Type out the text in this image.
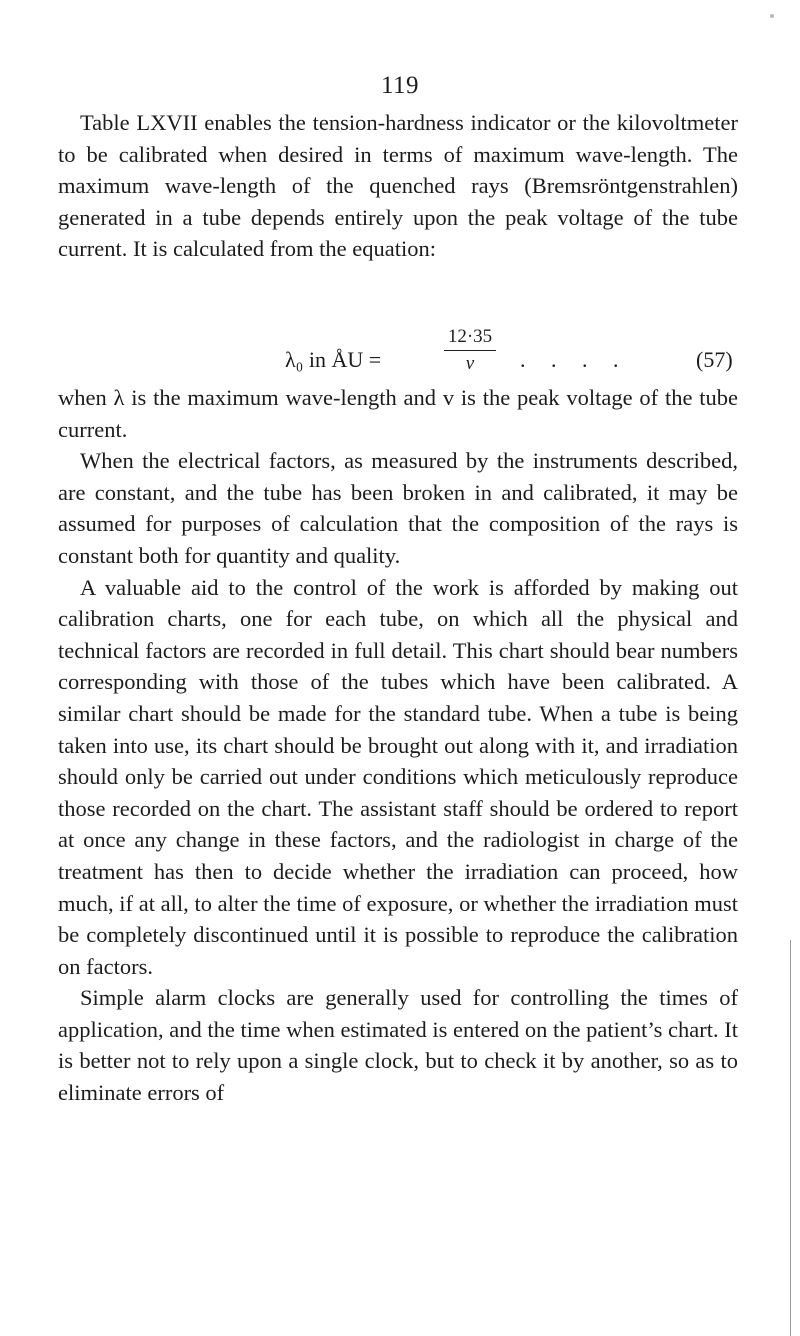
119

Table LXVII enables the tension-hardness indicator or the kilovoltmeter to be calibrated when desired in terms of maximum wave-length. The maximum wave-length of the quenched rays (Bremsröntgenstrahlen) generated in a tube depends entirely upon the peak voltage of the tube current. It is calculated from the equation:

λ₀ in ÅU =
12·35
v	. . . .	(57)

when λ is the maximum wave-length and v is the peak voltage of the tube current.

When the electrical factors, as measured by the instruments described, are constant, and the tube has been broken in and calibrated, it may be assumed for purposes of calculation that the composition of the rays is constant both for quantity and quality.

A valuable aid to the control of the work is afforded by making out calibration charts, one for each tube, on which all the physical and technical factors are recorded in full detail. This chart should bear numbers corresponding with those of the tubes which have been calibrated. A similar chart should be made for the standard tube. When a tube is being taken into use, its chart should be brought out along with it, and irradiation should only be carried out under conditions which meticulously reproduce those recorded on the chart. The assistant staff should be ordered to report at once any change in these factors, and the radiologist in charge of the treatment has then to decide whether the irradiation can proceed, how much, if at all, to alter the time of exposure, or whether the irradiation must be completely discontinued until it is possible to reproduce the calibration on factors.

Simple alarm clocks are generally used for controlling the times of application, and the time when estimated is entered on the patient’s chart. It is better not to rely upon a single clock, but to check it by another, so as to eliminate errors of
